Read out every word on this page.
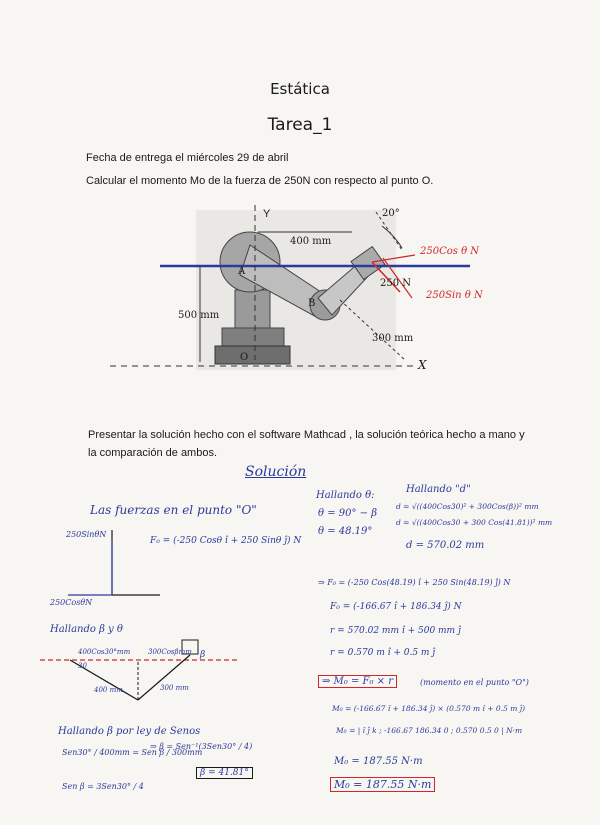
Estática
Tarea_1
Fecha de entrega el miércoles 29 de abril
Calcular el momento Mo de la fuerza de 250N con respecto al punto O.
Y
400 mm
20°
A
B
250 N
500 mm
300 mm
O
X
250Cos θ N
250Sin θ N
Presentar la solución hecho con el software Mathcad , la solución teórica hecho a mano y
la comparación de ambos.
Solución
Las fuerzas en el punto "O"
F₀ = (-250 Cosθ î + 250 Sinθ ĵ) N
250SinθN
250CosθN
Hallando θ:
θ = 90° − β
θ = 48.19°
Hallando "d"
d = √((400Cos30)² + 300Cos(β))² mm
d = √((400Cos30 + 300 Cos(41.81))² mm
d = 570.02 mm
⇒ F₀ = (-250 Cos(48.19) î + 250 Sin(48.19) ĵ) N
F₀ = (-166.67 î + 186.34 ĵ) N
r = 570.02 mm î + 500 mm ĵ
r = 0.570 m î + 0.5 m ĵ
⇒ M₀ = F₀ × r	(momento en el punto "O")
M₀ = (-166.67 î + 186.34 ĵ) × (0.570 m î + 0.5 m ĵ)
M₀ = | î ĵ k ; -166.67 186.34 0 ; 0.570 0.5 0 | N·m
M₀ = 187.55 N·m
M₀ = 187.55 N·m
Hallando β y θ
400Cos30°mm	300Cosβmm
30
400 mm	300 mm
β
Hallando β por ley de Senos
Sen30° / 400mm = Sen β / 300mm
⇒ β = Sen⁻¹(3Sen30° / 4)
Sen β = 3Sen30° / 4
β = 41.81°
